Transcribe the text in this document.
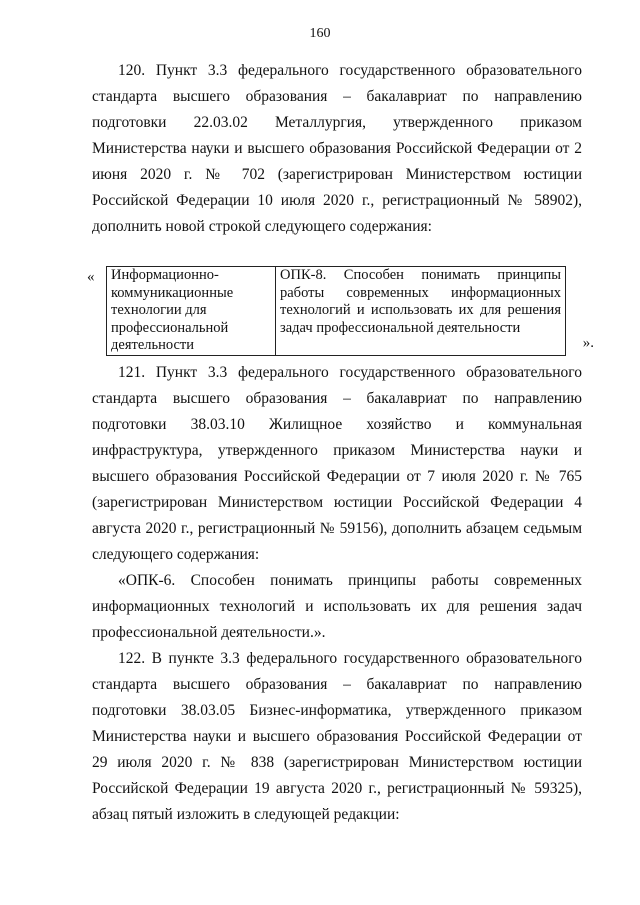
160

120. Пункт 3.3 федерального государственного образовательного стандарта высшего образования – бакалавриат по направлению подготовки 22.03.02 Металлургия, утвержденного приказом Министерства науки и высшего образования Российской Федерации от 2 июня 2020 г. № 702 (зарегистрирован Министерством юстиции Российской Федерации 10 июля 2020 г., регистрационный № 58902), дополнить новой строкой следующего содержания:

« Информационно-коммуникационные технологии для профессиональной деятельности	ОПК-8. Способен понимать принципы работы современных информационных технологий и использовать их для решения задач профессиональной деятельности
».

121. Пункт 3.3 федерального государственного образовательного стандарта высшего образования – бакалавриат по направлению подготовки 38.03.10 Жилищное хозяйство и коммунальная инфраструктура, утвержденного приказом Министерства науки и высшего образования Российской Федерации от 7 июля 2020 г. № 765 (зарегистрирован Министерством юстиции Российской Федерации 4 августа 2020 г., регистрационный № 59156), дополнить абзацем седьмым следующего содержания:

«ОПК-6. Способен понимать принципы работы современных информационных технологий и использовать их для решения задач профессиональной деятельности.».

122. В пункте 3.3 федерального государственного образовательного стандарта высшего образования – бакалавриат по направлению подготовки 38.03.05 Бизнес-информатика, утвержденного приказом Министерства науки и высшего образования Российской Федерации от 29 июля 2020 г. № 838 (зарегистрирован Министерством юстиции Российской Федерации 19 августа 2020 г., регистрационный № 59325), абзац пятый изложить в следующей редакции:
